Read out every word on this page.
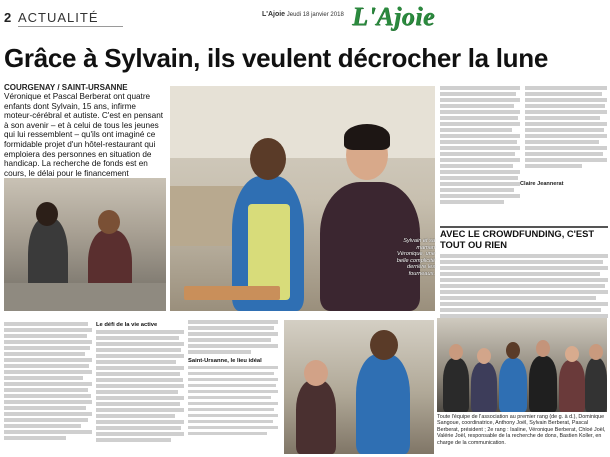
2 ACTUALITÉ	L'Ajoie Jeudi 18 janvier 2018 L'Ajoie
Grâce à Sylvain, ils veulent décrocher la lune
COURGENAY / SAINT-URSANNE
Véronique et Pascal Berberat ont quatre enfants dont Sylvain, 15 ans, infirme moteur-cérébral et autiste. C'est en pensant à son avenir – et à celui de tous les jeunes qui lui ressemblent – qu'ils ont imaginé ce formidable projet d'un hôtel-restaurant qui emploiera des personnes en situation de handicap. La recherche de fonds est en cours, le délai pour le financement
Sylvain et sa maman Véronique, une belle complicité derrière les fourneaux.
Le défi de la vie active
Saint-Ursanne, le lieu idéal
Claire Jeannerat
AVEC LE CROWDFUNDING, C'EST TOUT OU RIEN
Toute l'équipe de l'association au premier rang (de g. à d.), Dominique Sangoue, coordinatrice, Anthony Joël, Sylvain Berberat, Pascal Berberat, président ; 2e rang : Isaline, Véronique Berberat, Chloé Joël, Valérie Joël, responsable de la recherche de dons, Bastien Koller, en charge de la communication.
